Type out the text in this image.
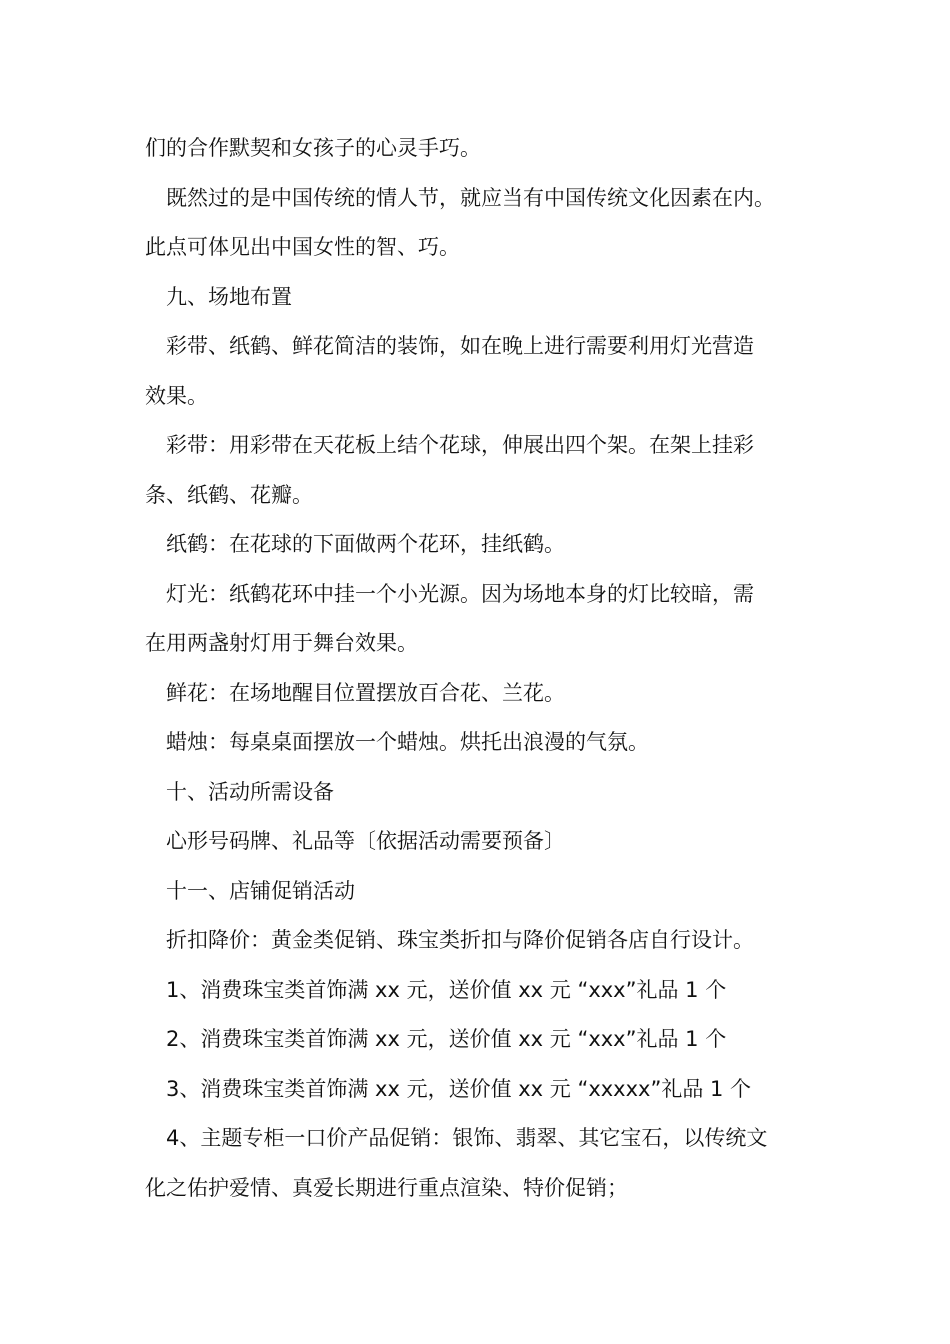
们的合作默契和女孩子的心灵手巧。

既然过的是中国传统的情人节，就应当有中国传统文化因素在内。

此点可体见出中国女性的智、巧。

九、场地布置

彩带、纸鹤、鲜花简洁的装饰，如在晚上进行需要利用灯光营造

效果。

彩带：用彩带在天花板上结个花球，伸展出四个架。在架上挂彩

条、纸鹤、花瓣。

纸鹤：在花球的下面做两个花环，挂纸鹤。

灯光：纸鹤花环中挂一个小光源。因为场地本身的灯比较暗，需

在用两盏射灯用于舞台效果。

鲜花：在场地醒目位置摆放百合花、兰花。

蜡烛：每桌桌面摆放一个蜡烛。烘托出浪漫的气氛。

十、活动所需设备

心形号码牌、礼品等〔依据活动需要预备〕

十一、店铺促销活动

折扣降价：黄金类促销、珠宝类折扣与降价促销各店自行设计。

1、消费珠宝类首饰满 xx 元，送价值 xx 元 “xxx”礼品 1 个

2、消费珠宝类首饰满 xx 元，送价值 xx 元 “xxx”礼品 1 个

3、消费珠宝类首饰满 xx 元，送价值 xx 元 “xxxxx”礼品 1 个

4、主题专柜一口价产品促销：银饰、翡翠、其它宝石，以传统文

化之佑护爱情、真爱长期进行重点渲染、特价促销；
